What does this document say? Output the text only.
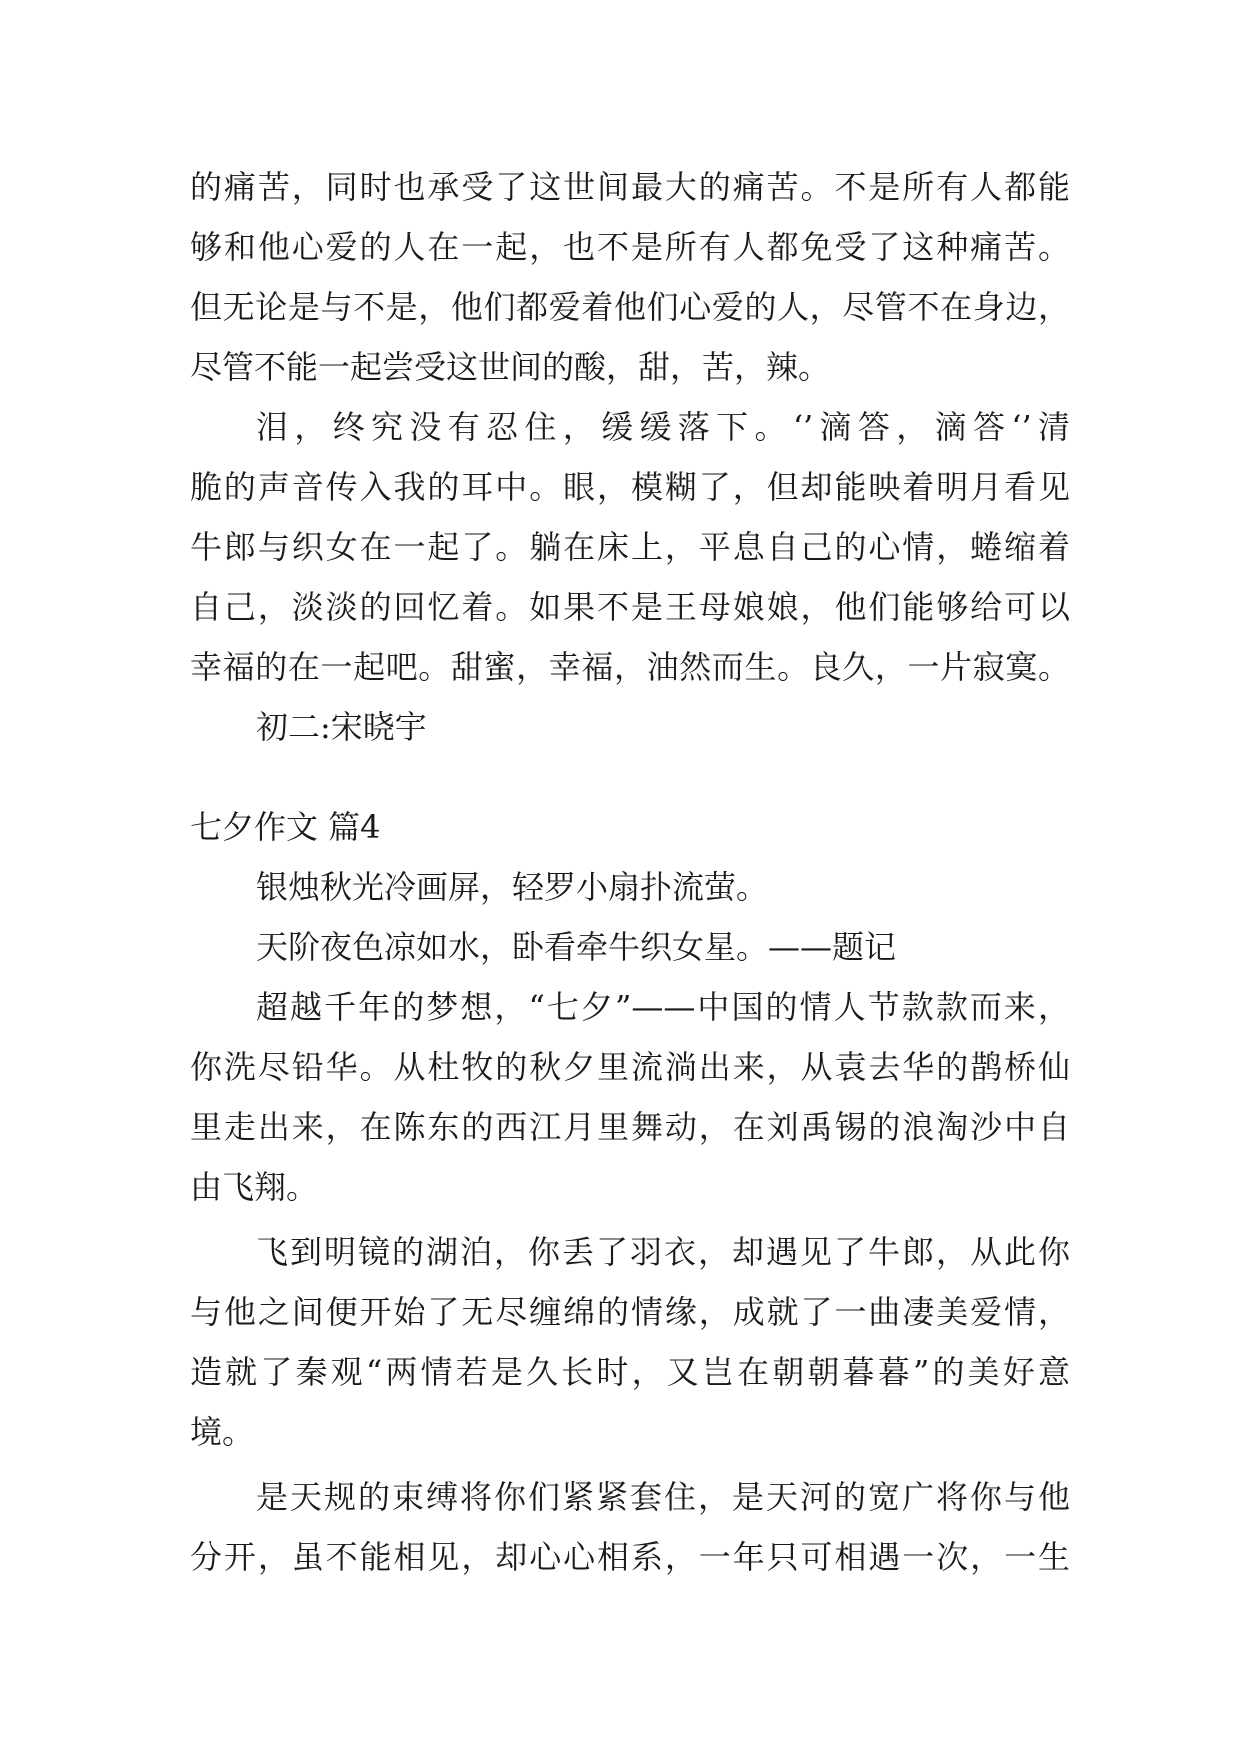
的痛苦，同时也承受了这世间最大的痛苦。不是所有人都能
够和他心爱的人在一起，也不是所有人都免受了这种痛苦。
但无论是与不是，他们都爱着他们心爱的人，尽管不在身边，
尽管不能一起尝受这世间的酸，甜，苦，辣。
泪，终究没有忍住，缓缓落下。‘’滴答，滴答‘’清
脆的声音传入我的耳中。眼，模糊了，但却能映着明月看见
牛郎与织女在一起了。躺在床上，平息自己的心情，蜷缩着
自己，淡淡的回忆着。如果不是王母娘娘，他们能够给可以
幸福的在一起吧。甜蜜，幸福，油然而生。良久，一片寂寞。
初二:宋晓宇
七夕作文 篇4
银烛秋光冷画屏，轻罗小扇扑流萤。
天阶夜色凉如水，卧看牵牛织女星。——题记
超越千年的梦想，“七夕”——中国的情人节款款而来，
你洗尽铅华。从杜牧的秋夕里流淌出来，从袁去华的鹊桥仙
里走出来，在陈东的西江月里舞动，在刘禹锡的浪淘沙中自
由飞翔。
飞到明镜的湖泊，你丢了羽衣，却遇见了牛郎，从此你
与他之间便开始了无尽缠绵的情缘，成就了一曲凄美爱情，
造就了秦观“两情若是久长时，又岂在朝朝暮暮”的美好意
境。
是天规的束缚将你们紧紧套住，是天河的宽广将你与他
分开，虽不能相见，却心心相系，一年只可相遇一次，一生
